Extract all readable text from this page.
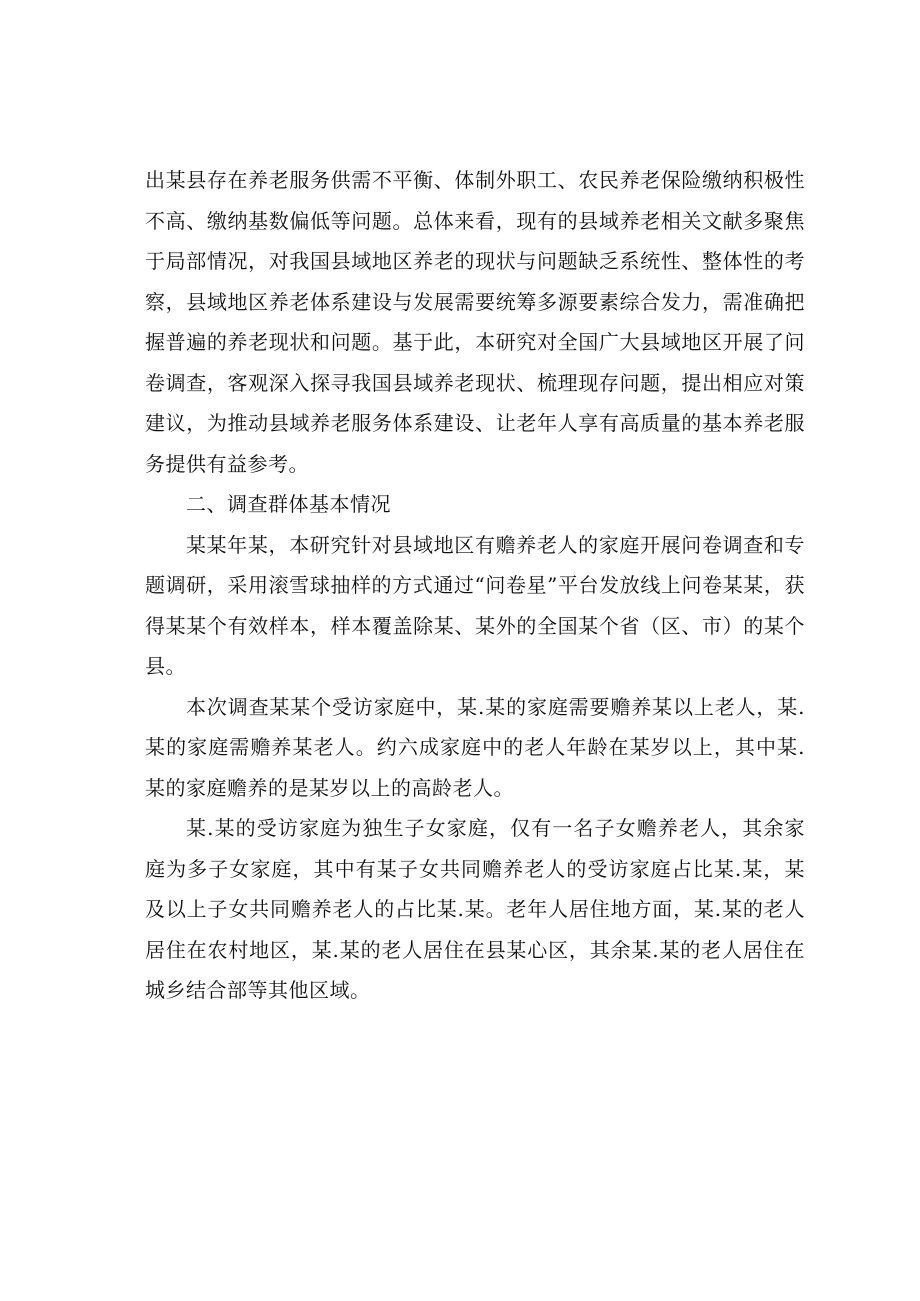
出某县存在养老服务供需不平衡、体制外职工、农民养老保险缴纳积极性不高、缴纳基数偏低等问题。总体来看，现有的县域养老相关文献多聚焦于局部情况，对我国县域地区养老的现状与问题缺乏系统性、整体性的考察，县域地区养老体系建设与发展需要统筹多源要素综合发力，需准确把握普遍的养老现状和问题。基于此，本研究对全国广大县域地区开展了问卷调查，客观深入探寻我国县域养老现状、梳理现存问题，提出相应对策建议，为推动县域养老服务体系建设、让老年人享有高质量的基本养老服务提供有益参考。

二、调查群体基本情况

某某年某，本研究针对县域地区有赡养老人的家庭开展问卷调查和专题调研，采用滚雪球抽样的方式通过“问卷星”平台发放线上问卷某某，获得某某个有效样本，样本覆盖除某、某外的全国某个省（区、市）的某个县。

本次调查某某个受访家庭中，某.某的家庭需要赡养某以上老人，某.某的家庭需赡养某老人。约六成家庭中的老人年龄在某岁以上，其中某.某的家庭赡养的是某岁以上的高龄老人。

某.某的受访家庭为独生子女家庭，仅有一名子女赡养老人，其余家庭为多子女家庭，其中有某子女共同赡养老人的受访家庭占比某.某，某及以上子女共同赡养老人的占比某.某。老年人居住地方面，某.某的老人居住在农村地区，某.某的老人居住在县某心区，其余某.某的老人居住在城乡结合部等其他区域。
